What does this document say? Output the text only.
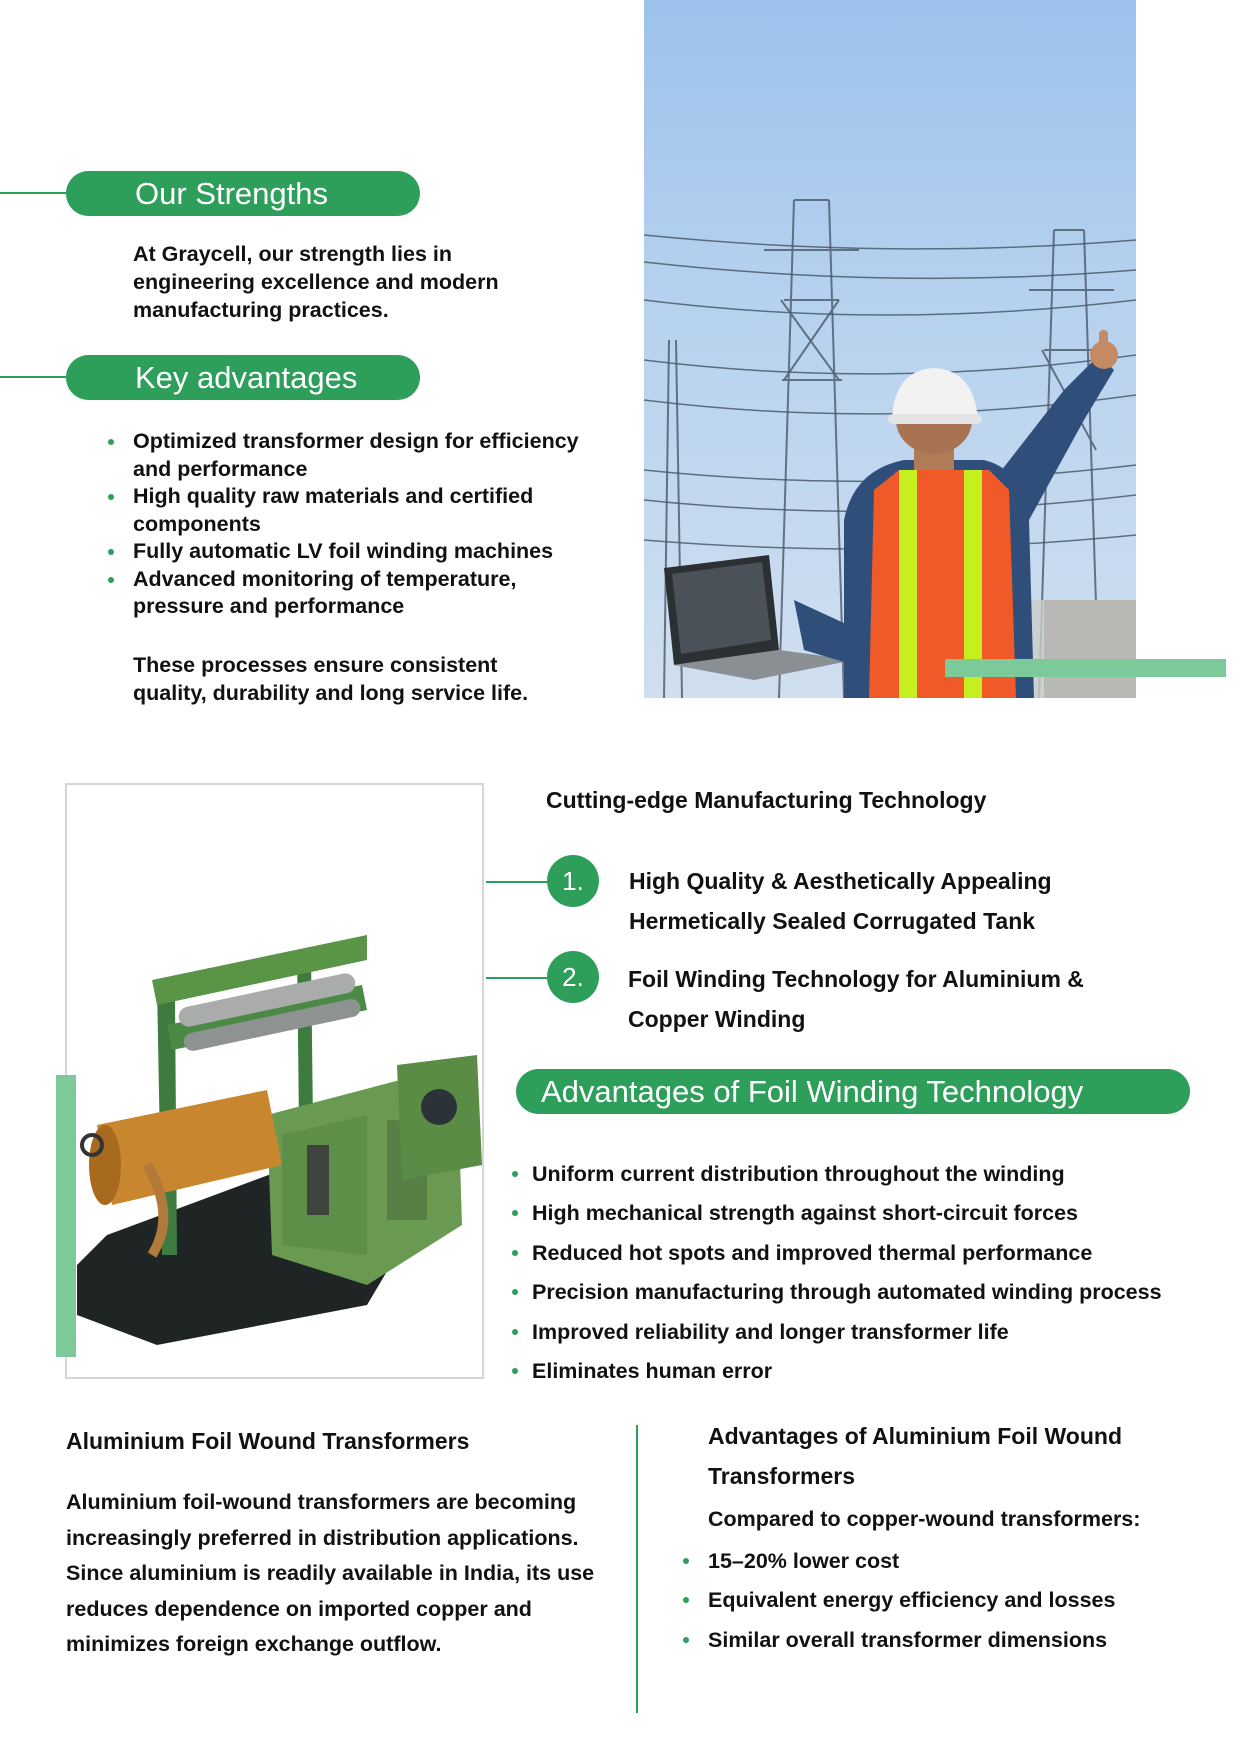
Our Strengths
At Graycell, our strength lies in engineering excellence and modern manufacturing practices.
Key advantages
Optimized transformer design for efficiency and performance
High quality raw materials and certified components
Fully automatic LV foil winding machines
Advanced monitoring of temperature, pressure and performance
These processes ensure consistent quality, durability and long service life.
Cutting-edge Manufacturing Technology
1.	High Quality & Aesthetically Appealing Hermetically Sealed Corrugated Tank
2.	Foil Winding Technology for Aluminium & Copper Winding
Advantages of Foil Winding Technology
Uniform current distribution throughout the winding
High mechanical strength against short-circuit forces
Reduced hot spots and improved thermal performance
Precision manufacturing through automated winding process
Improved reliability and longer transformer life
Eliminates human error
Aluminium Foil Wound Transformers
Aluminium foil-wound transformers are becoming increasingly preferred in distribution applications. Since aluminium is readily available in India, its use reduces dependence on imported copper and minimizes foreign exchange outflow.
Advantages of Aluminium Foil Wound Transformers
Compared to copper-wound transformers:
15–20% lower cost
Equivalent energy efficiency and losses
Similar overall transformer dimensions
